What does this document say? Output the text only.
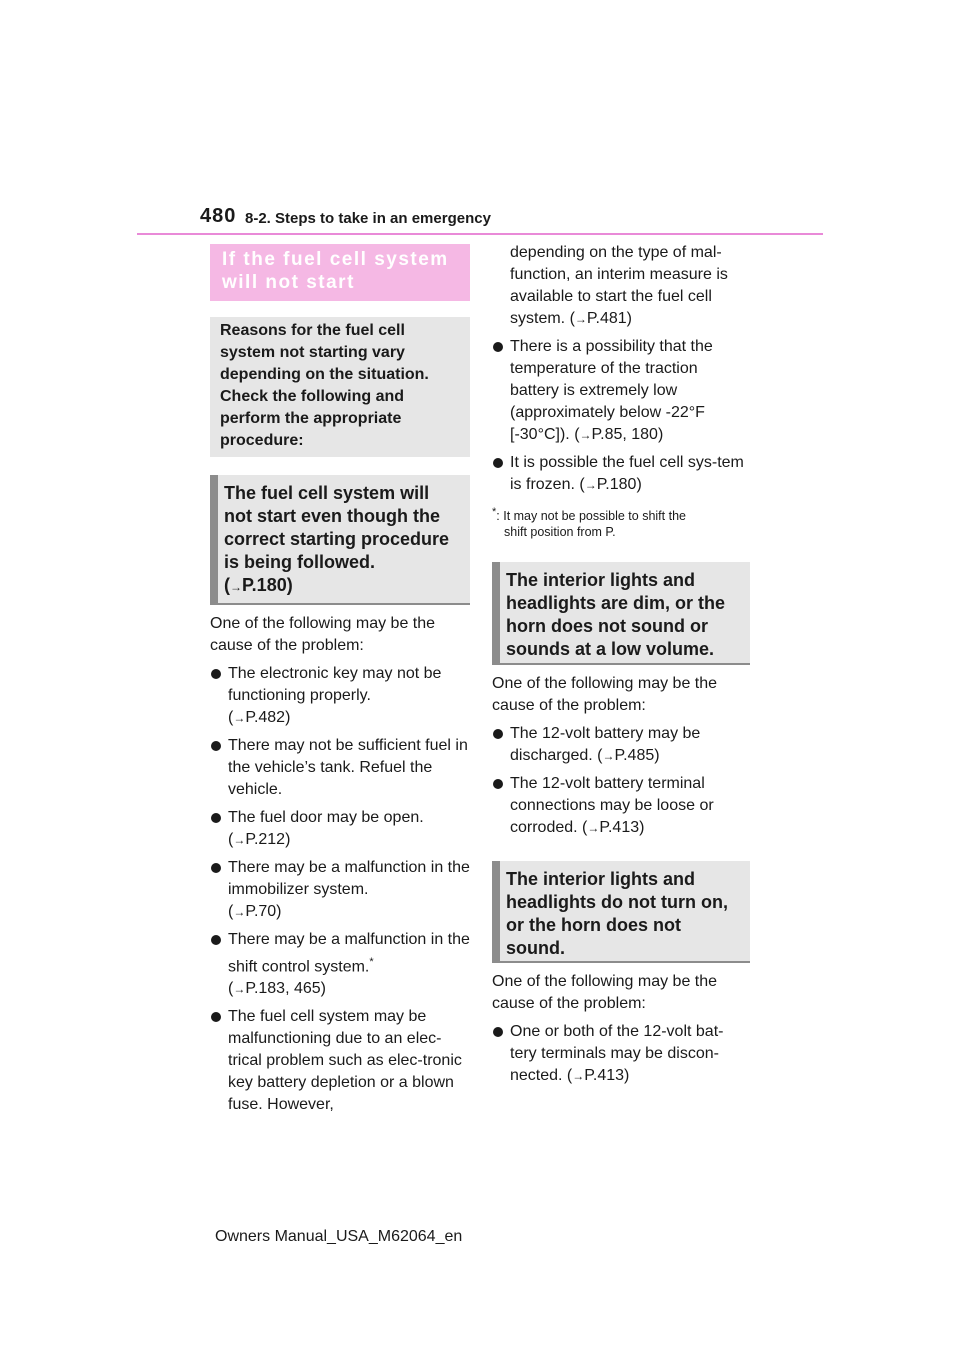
480 8-2. Steps to take in an emergency
If the fuel cell system will not start
Reasons for the fuel cell system not starting vary depending on the situation. Check the following and perform the appropriate procedure:
The fuel cell system will not start even though the correct starting procedure is being followed.
(→P.180)

One of the following may be the cause of the problem:

The electronic key may not be functioning properly.
(→P.482)
There may not be sufficient fuel in the vehicle’s tank. Refuel the vehicle.
The fuel door may be open.
(→P.212)
There may be a malfunction in the immobilizer system.
(→P.70)
There may be a malfunction in the shift control system.*
(→P.183, 465)
The fuel cell system may be malfunctioning due to an elec-trical problem such as elec-tronic key battery depletion or a blown fuse. However,
depending on the type of mal-function, an interim measure is available to start the fuel cell system. (→P.481)
There is a possibility that the temperature of the traction battery is extremely low (approximately below -22°F [-30°C]). (→P.85, 180)
It is possible the fuel cell sys-tem is frozen. (→P.180)
*: It may not be possible to shift the
shift position from P.
The interior lights and headlights are dim, or the horn does not sound or sounds at a low volume.

One of the following may be the cause of the problem:

The 12-volt battery may be discharged. (→P.485)
The 12-volt battery terminal connections may be loose or corroded. (→P.413)
The interior lights and headlights do not turn on, or the horn does not sound.

One of the following may be the cause of the problem:

One or both of the 12-volt bat-tery terminals may be discon-nected. (→P.413)
Owners Manual_USA_M62064_en
